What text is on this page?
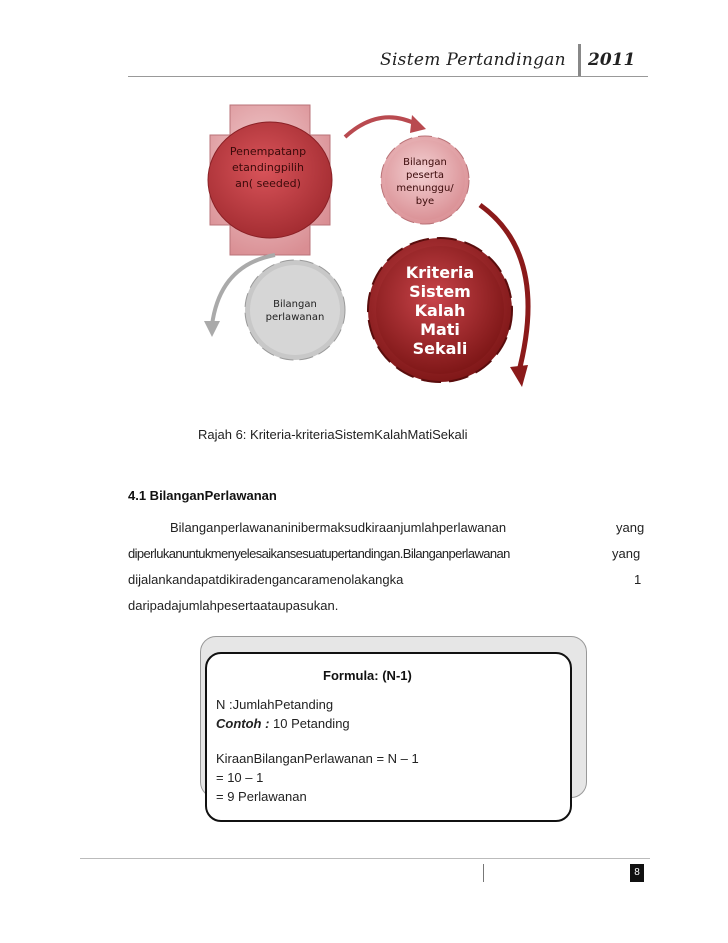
Sistem Pertandingan 2011
Penempatanp
etandingpilih
an( seeded)
Bilangan
peserta
menunggu/
bye
Bilangan
perlawanan
Kriteria
Sistem
Kalah
Mati
Sekali
Rajah 6: Kriteria-kriteriaSistemKalahMatiSekali
4.1 BilanganPerlawanan
Bilanganperlawananinibermaksudkiraanjumlahperlawanan	yang
diperlukanuntukmenyelesaikansesuatupertandingan.Bilanganperlawanan	yang
dijalankandapatdikiradengancaramenolakangka	1
daripadajumlahpesertaataupasukan.
Formula: (N-1)
N :JumlahPetanding
Contoh : 10 Petanding
KiraanBilanganPerlawanan = N – 1
= 10 – 1
= 9 Perlawanan
8
